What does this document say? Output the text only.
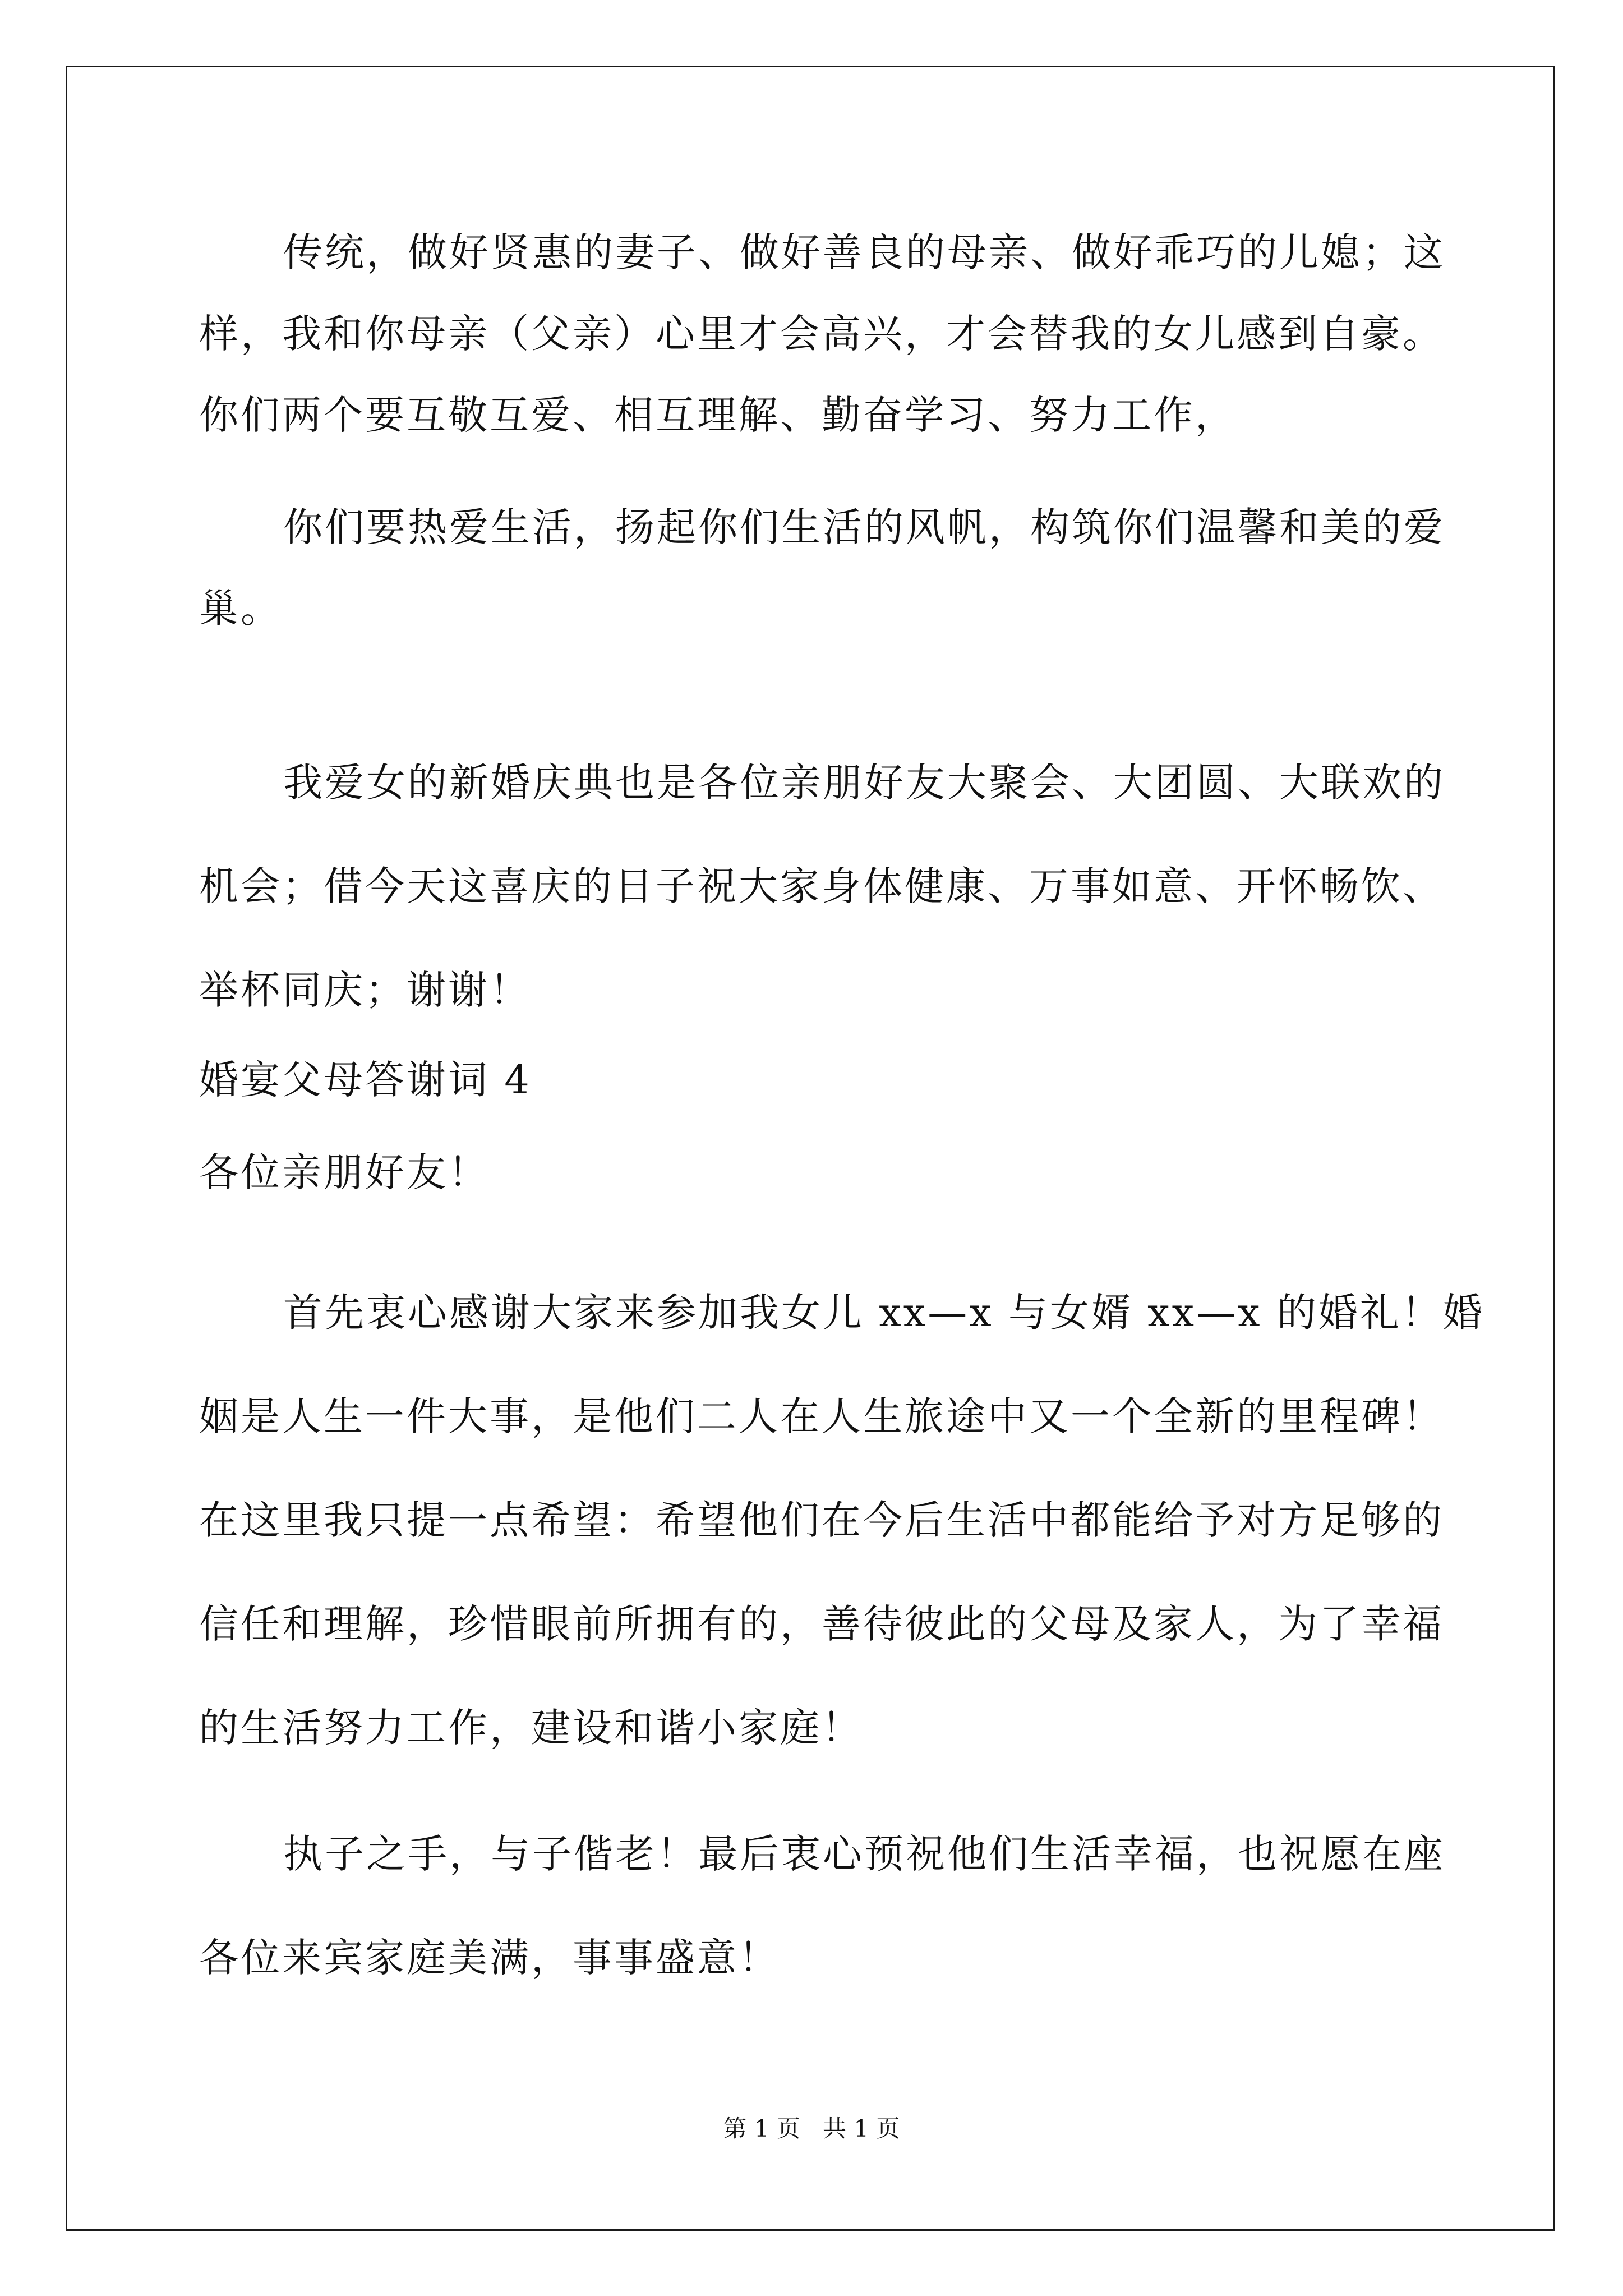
传统，做好贤惠的妻子、做好善良的母亲、做好乖巧的儿媳；这
样，我和你母亲（父亲）心里才会高兴，才会替我的女儿感到自豪。
你们两个要互敬互爱、相互理解、勤奋学习、努力工作，
你们要热爱生活，扬起你们生活的风帆，构筑你们温馨和美的爱
巢。
我爱女的新婚庆典也是各位亲朋好友大聚会、大团圆、大联欢的
机会；借今天这喜庆的日子祝大家身体健康、万事如意、开怀畅饮、
举杯同庆；谢谢！
婚宴父母答谢词 4
各位亲朋好友！
首先衷心感谢大家来参加我女儿 xx—x 与女婿 xx—x 的婚礼！婚
姻是人生一件大事，是他们二人在人生旅途中又一个全新的里程碑！
在这里我只提一点希望：希望他们在今后生活中都能给予对方足够的
信任和理解，珍惜眼前所拥有的，善待彼此的父母及家人，为了幸福
的生活努力工作，建设和谐小家庭！
执子之手，与子偕老！最后衷心预祝他们生活幸福，也祝愿在座
各位来宾家庭美满，事事盛意！
第 1 页 共 1 页
